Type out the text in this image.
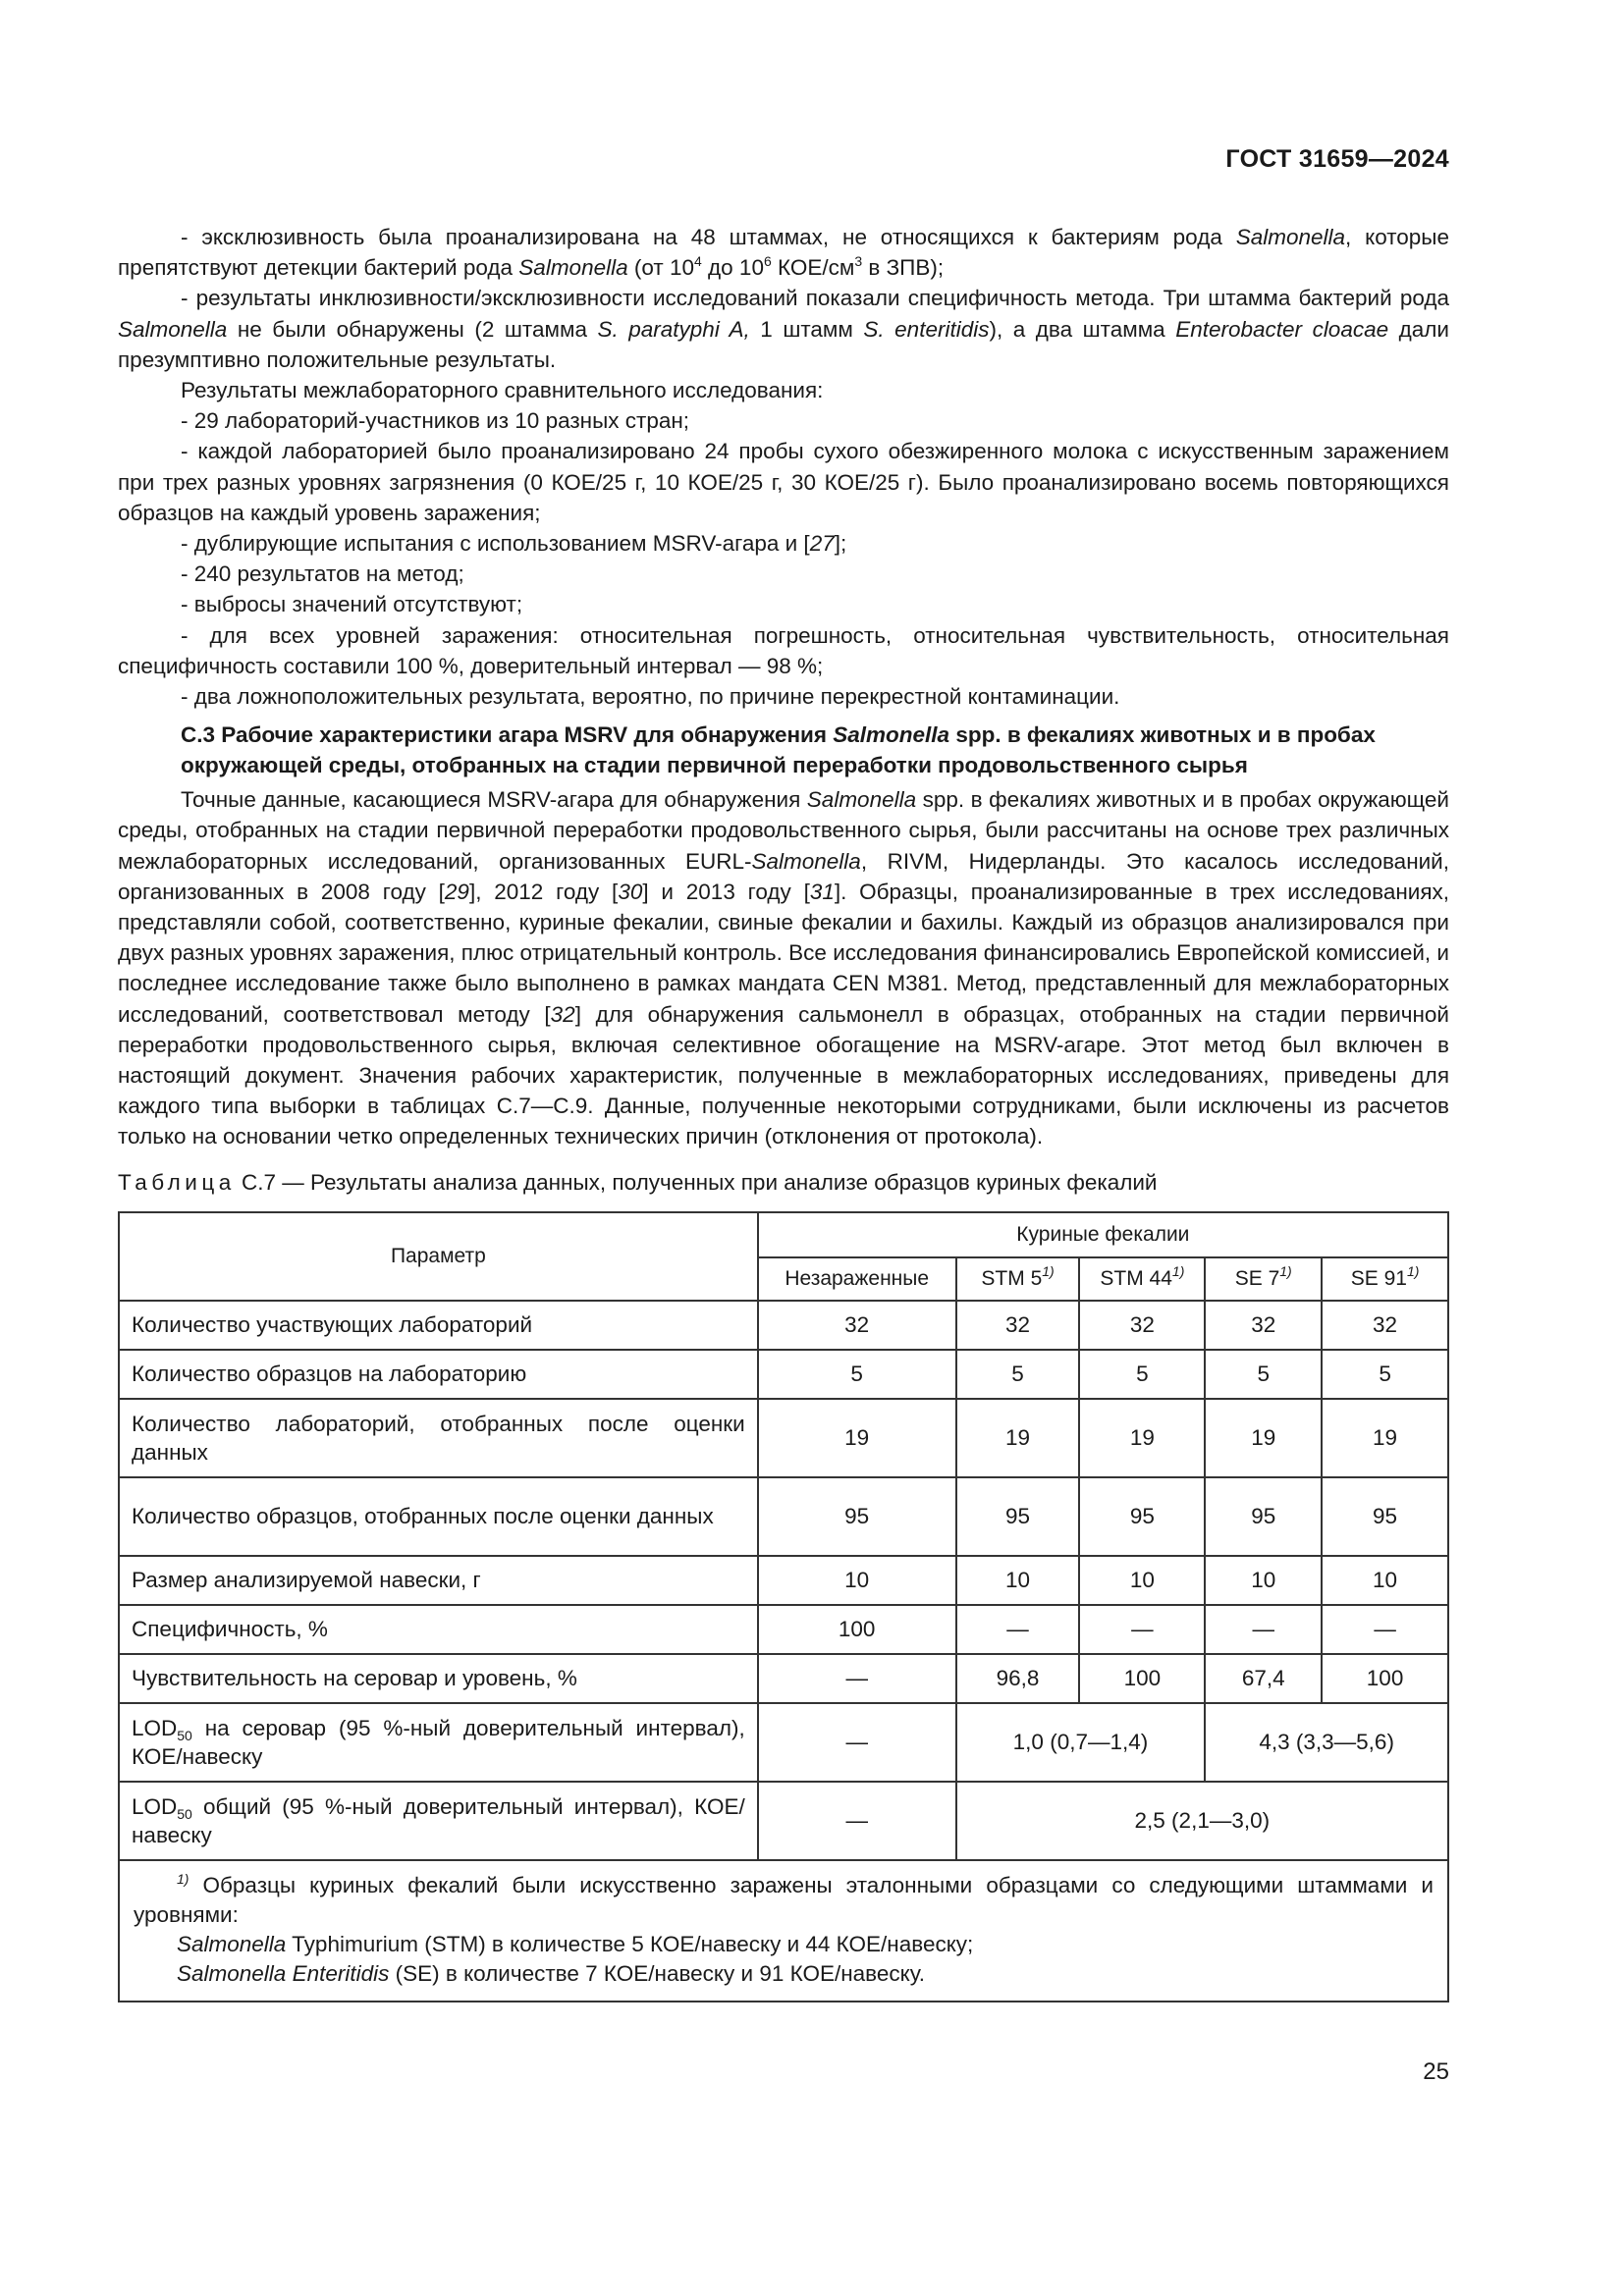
ГОСТ 31659—2024

- эксклюзивность была проанализирована на 48 штаммах, не относящихся к бактериям рода Salmonella, которые препятствуют детекции бактерий рода Salmonella (от $10^4$ до $10^6$ КОЕ/$см^3$ в ЗПВ);

- результаты инклюзивности/эксклюзивности исследований показали специфичность метода. Три штамма бактерий рода Salmonella не были обнаружены (2 штамма S. paratyphi A, 1 штамм S. enteritidis), а два штамма Enterobacter cloacae дали презумптивно положительные результаты.

Результаты межлабораторного сравнительного исследования:

- 29 лабораторий-участников из 10 разных стран;

- каждой лабораторией было проанализировано 24 пробы сухого обезжиренного молока с искусственным заражением при трех разных уровнях загрязнения (0 КОЕ/25 г, 10 КОЕ/25 г, 30 КОЕ/25 г). Было проанализировано восемь повторяющихся образцов на каждый уровень заражения;

- дублирующие испытания с использованием MSRV-агара и [27];

- 240 результатов на метод;

- выбросы значений отсутствуют;

- для всех уровней заражения: относительная погрешность, относительная чувствительность, относительная специфичность составили 100 %, доверительный интервал — 98 %;

- два ложноположительных результата, вероятно, по причине перекрестной контаминации.

С.3 Рабочие характеристики агара MSRV для обнаружения Salmonella spp. в фекалиях животных и в пробах окружающей среды, отобранных на стадии первичной переработки продовольственного сырья

Точные данные, касающиеся MSRV-агара для обнаружения Salmonella spp. в фекалиях животных и в пробах окружающей среды, отобранных на стадии первичной переработки продовольственного сырья, были рассчитаны на основе трех различных межлабораторных исследований, организованных EURL-Salmonella, RIVM, Нидерланды. Это касалось исследований, организованных в 2008 году [29], 2012 году [30] и 2013 году [31]. Образцы, проанализированные в трех исследованиях, представляли собой, соответственно, куриные фекалии, свиные фекалии и бахилы. Каждый из образцов анализировался при двух разных уровнях заражения, плюс отрицательный контроль. Все исследования финансировались Европейской комиссией, и последнее исследование также было выполнено в рамках мандата CEN M381. Метод, представленный для межлабораторных исследований, соответствовал методу [32] для обнаружения сальмонелл в образцах, отобранных на стадии первичной переработки продовольственного сырья, включая селективное обогащение на MSRV-агаре. Этот метод был включен в настоящий документ. Значения рабочих характеристик, полученные в межлабораторных исследованиях, приведены для каждого типа выборки в таблицах С.7—С.9. Данные, полученные некоторыми сотрудниками, были исключены из расчетов только на основании четко определенных технических причин (отклонения от протокола).

Таблица С.7 — Результаты анализа данных, полученных при анализе образцов куриных фекалий
Параметр	Куриные фекалии				
	Незараженные	STM 5$^{1)}$	STM 44$^{1)}$	SE 7$^{1)}$	SE 91$^{1)}$
Количество участвующих лабораторий	32	32	32	32	32
Количество образцов на лабораторию	5	5	5	5	5
Количество лабораторий, отобранных после оценки данных	19	19	19	19	19
Количество образцов, отобранных после оценки данных	95	95	95	95	95
Размер анализируемой навески, г	10	10	10	10	10
Специфичность, %	100	—	—	—	—
Чувствительность на серовар и уровень, %	—	96,8	100	67,4	100
$LOD_{50}$ на серовар (95 %-ный доверительный интервал), КОЕ/навеску	—	1,0 (0,7—1,4)		4,3 (3,3—5,6)	
$LOD_{50}$ общий (95 %-ный доверительный интервал), КОЕ/навеску	—	2,5 (2,1—3,0)			

$^{1)}$ Образцы куриных фекалий были искусственно заражены эталонными образцами со следующими штаммами и уровнями:

Salmonella Typhimurium (STM) в количестве 5 КОЕ/навеску и 44 КОЕ/навеску;

Salmonella Enteritidis (SE) в количестве 7 КОЕ/навеску и 91 КОЕ/навеску.					

25
